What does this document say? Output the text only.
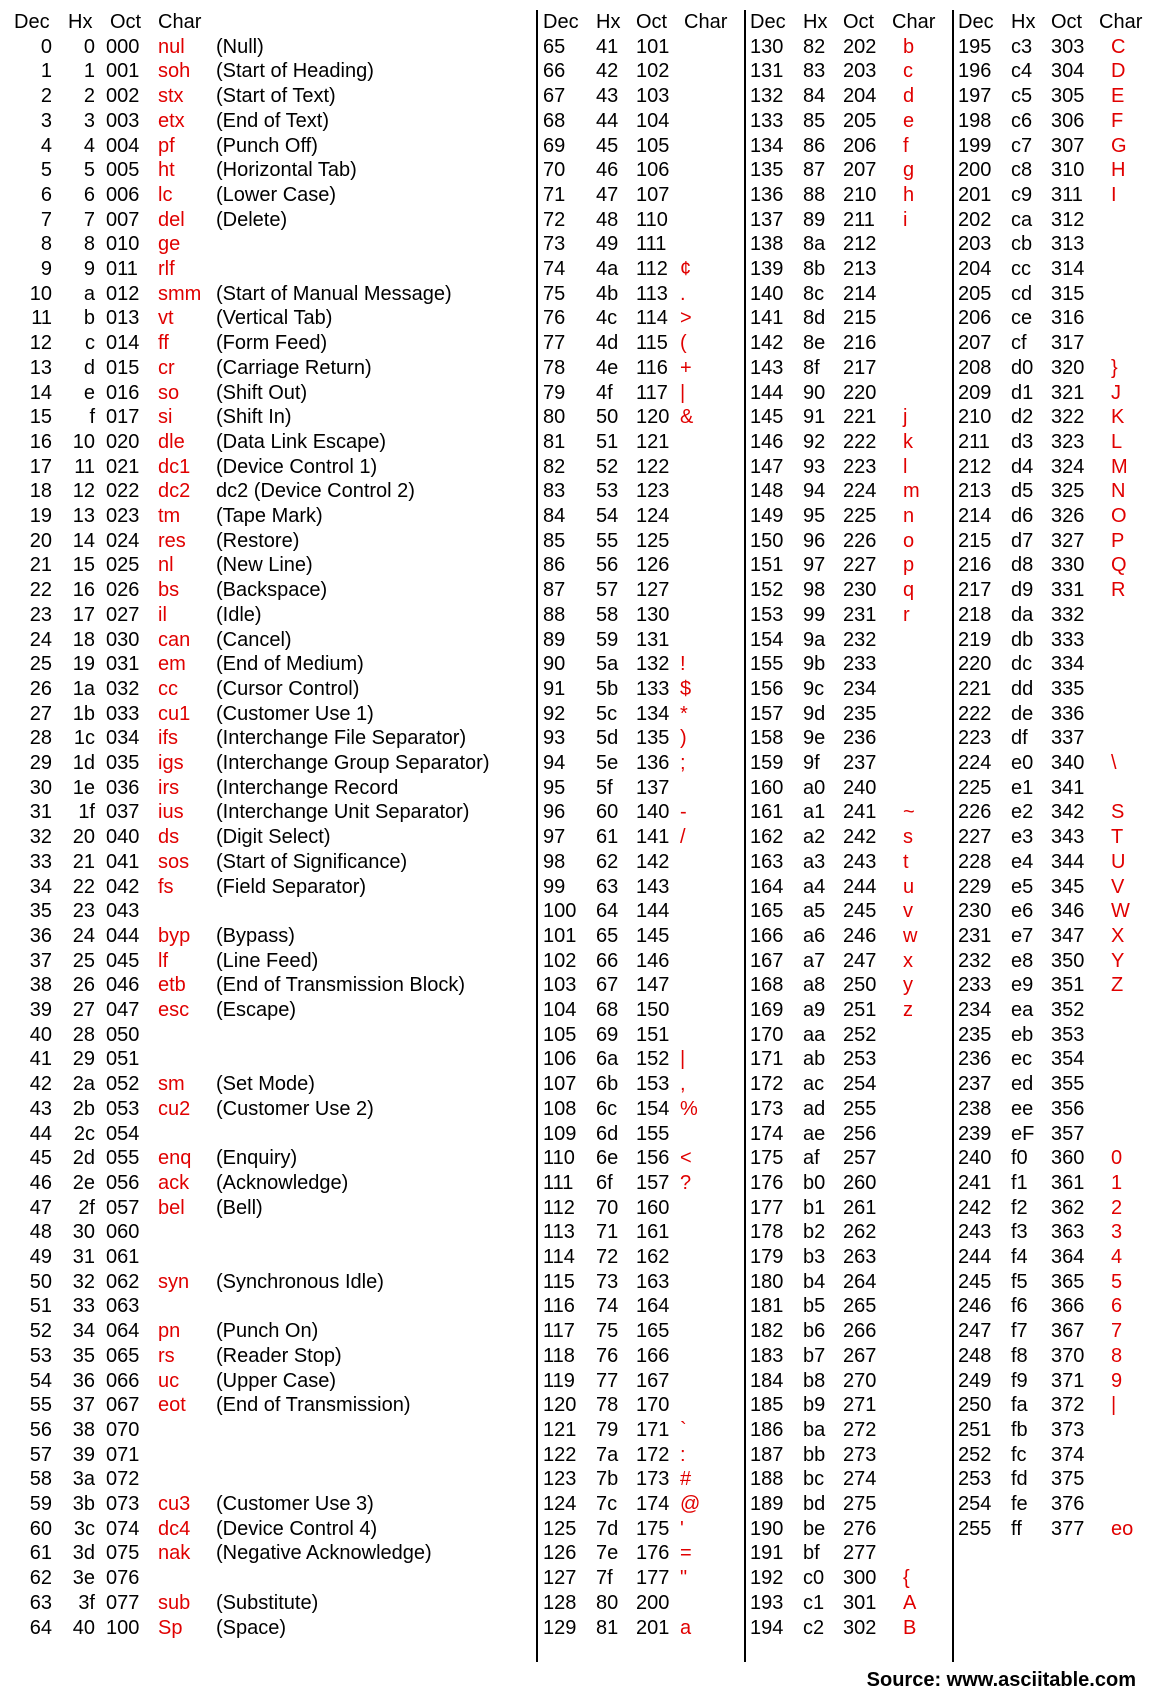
Dec Hx Oct Char	Dec Hx Oct Char Dec Hx Oct Char Dec Hx Oct Char
0 0 000 nul (Null)	65 41 101	130 82 202 b 195 c3 303 C
1 1 001 soh (Start of Heading)	66 42 102	131 83 203 c 196 c4 304 D
2 2 002 stx (Start of Text)	67 43 103	132 84 204 d 197 c5 305 E
3 3 003 etx (End of Text)	68 44 104	133 85 205 e 198 c6 306 F
4 4 004 pf (Punch Off)	69 45 105	134 86 206 f 199 c7 307 G
5 5 005 ht (Horizontal Tab)	70 46 106	135 87 207 g 200 c8 310 H
6 6 006 lc (Lower Case)	71 47 107	136 88 210 h 201 c9 311 I
7 7 007 del (Delete)	72 48 110	137 89 211 i	202 ca 312
8 8 010 ge	73 49 111	138 8a 212	203 cb 313
9 9 011 rlf	74 4a 112 ¢	139 8b 213	204 cc 314
10 a 012 smm (Start of Manual Message)	75 4b 113 .	140 8c 214	205 cd 315
11 b 013 vt (Vertical Tab)	76 4c 114 >	141 8d 215	206 ce 316
12 c 014 ff (Form Feed)	77 4d 115 (	142 8e 216	207 cf 317
13 d 015 cr (Carriage Return)	78 4e 116 +	143 8f 217	208 d0 320 }
14 e 016 so (Shift Out)	79 4f 117 |	144 90 220	209 d1 321 J
15 f 017 si (Shift In)	80 50 120 &	145 91 221 j	210 d2 322 K
16 10 020 dle (Data Link Escape)	81 51 121	146 92 222 k 211 d3 323 L
17 11 021 dc1 (Device Control 1)	82 52 122	147 93 223 l	212 d4 324 M
18 12 022 dc2 dc2 (Device Control 2)	83 53 123	148 94 224 m 213 d5 325 N
19 13 023 tm (Tape Mark)	84 54 124	149 95 225 n 214 d6 326 O
20 14 024 res (Restore)	85 55 125	150 96 226 o 215 d7 327 P
21 15 025 nl (New Line)	86 56 126	151 97 227 p 216 d8 330 Q
22 16 026 bs (Backspace)	87 57 127	152 98 230 q 217 d9 331 R
23 17 027 il (Idle)	88 58 130	153 99 231 r 218 da 332
24 18 030 can (Cancel)	89 59 131	154 9a 232	219 db 333
25 19 031 em (End of Medium)	90 5a 132 !	155 9b 233	220 dc 334
26 1a 032 cc (Cursor Control)	91 5b 133 $	156 9c 234	221 dd 335
27 1b 033 cu1 (Customer Use 1)	92 5c 134 *	157 9d 235	222 de 336
28 1c 034 ifs (Interchange File Separator)	93 5d 135 )	158 9e 236	223 df 337
29 1d 035 igs (Interchange Group Separator)	94 5e 136 ;	159 9f 237	224 e0 340 \
30 1e 036 irs (Interchange Record	95 5f 137	160 a0 240	225 e1 341
31 1f 037 ius (Interchange Unit Separator)	96 60 140 -	161 a1 241 ~ 226 e2 342 S
32 20 040 ds (Digit Select)	97 61 141 /	162 a2 242 s 227 e3 343 T
33 21 041 sos (Start of Significance)	98 62 142	163 a3 243 t 228 e4 344 U
34 22 042 fs (Field Separator)	99 63 143	164 a4 244 u 229 e5 345 V
35 23 043	100 64 144	165 a5 245 v 230 e6 346 W
36 24 044 byp (Bypass)	101 65 145	166 a6 246 w 231 e7 347 X
37 25 045 lf (Line Feed)	102 66 146	167 a7 247 x 232 e8 350 Y
38 26 046 etb (End of Transmission Block)	103 67 147	168 a8 250 y 233 e9 351 Z
39 27 047 esc (Escape)	104 68 150	169 a9 251 z 234 ea 352
40 28 050	105 69 151	170 aa 252	235 eb 353
41 29 051	106 6a 152 |	171 ab 253	236 ec 354
42 2a 052 sm (Set Mode)	107 6b 153 ,	172 ac 254	237 ed 355
43 2b 053 cu2 (Customer Use 2)	108 6c 154 %	173 ad 255	238 ee 356
44 2c 054	109 6d 155	174 ae 256	239 eF 357
45 2d 055 enq (Enquiry)	110 6e 156 <	175 af 257	240 f0 360 0
46 2e 056 ack (Acknowledge)	111 6f 157 ?	176 b0 260	241 f1 361 1
47 2f 057 bel (Bell)	112 70 160	177 b1 261	242 f2 362 2
48 30 060	113 71 161	178 b2 262	243 f3 363 3
49 31 061	114 72 162	179 b3 263	244 f4 364 4
50 32 062 syn (Synchronous Idle)	115 73 163	180 b4 264	245 f5 365 5
51 33 063	116 74 164	181 b5 265	246 f6 366 6
52 34 064 pn (Punch On)	117 75 165	182 b6 266	247 f7 367 7
53 35 065 rs (Reader Stop)	118 76 166	183 b7 267	248 f8 370 8
54 36 066 uc (Upper Case)	119 77 167	184 b8 270	249 f9 371 9
55 37 067 eot (End of Transmission)	120 78 170	185 b9 271	250 fa 372 |
56 38 070	121 79 171 `	186 ba 272	251 fb 373
57 39 071	122 7a 172 :	187 bb 273	252 fc 374
58 3a 072	123 7b 173 #	188 bc 274	253 fd 375
59 3b 073 cu3 (Customer Use 3)	124 7c 174 @ 189 bd 275	254 fe 376
60 3c 074 dc4 (Device Control 4)	125 7d 175 '	190 be 276	255 ff 377 eo
61 3d 075 nak (Negative Acknowledge)	126 7e 176 =	191 bf 277
62 3e 076	127 7f 177 "	192 c0 300 {
63 3f 077 sub (Substitute)	128 80 200	193 c1 301 A
64 40 100 Sp (Space)	129 81 201 a	194 c2 302 B
Source: www.asciitable.com
